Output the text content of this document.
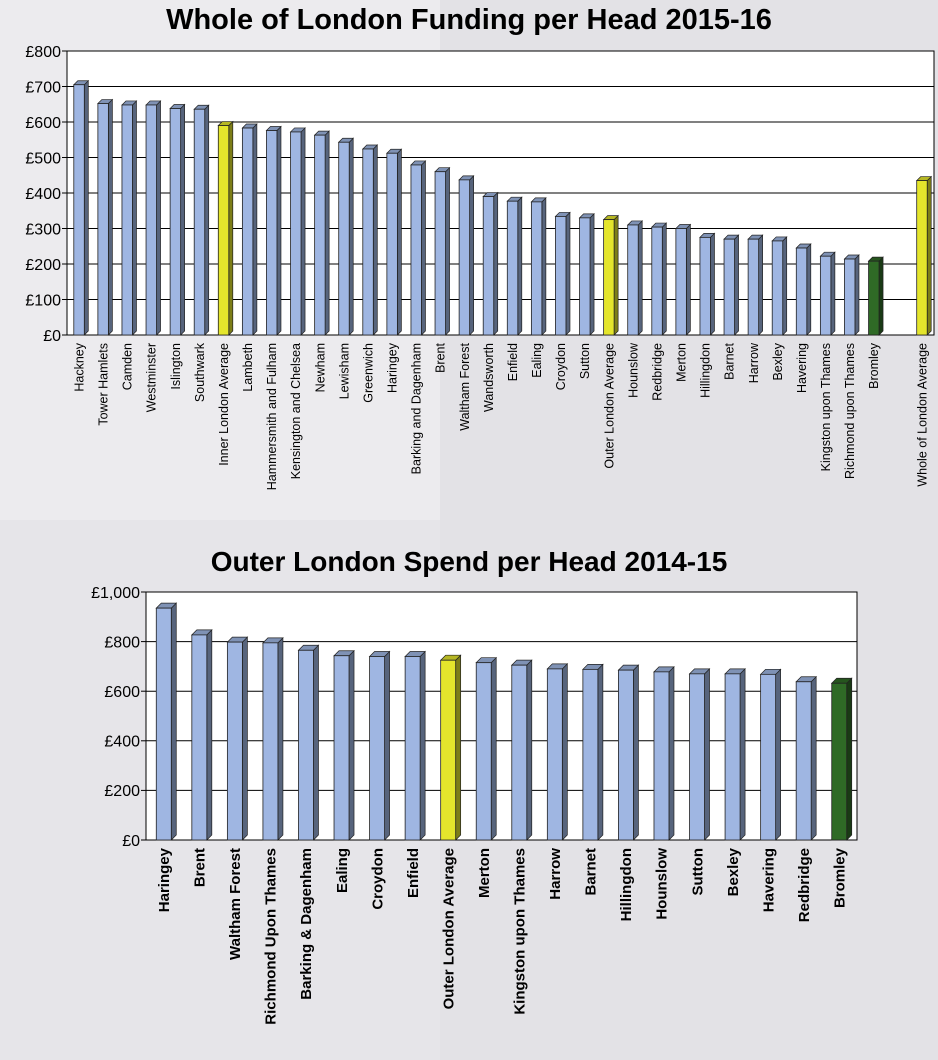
Whole of London Funding per Head 2015-16
£0
£100
£200
£300
£400
£500
£600
£700
£800
Hackney Tower Hamlets Camden Westminster Islington Southwark Inner London Average Lambeth Hammersmith and Fulham Kensington and Chelsea Newham Lewisham Greenwich Haringey Barking and Dagenham Brent Waltham Forest Wandsworth Enfield Ealing Croydon Sutton Outer London Average Hounslow Redbridge Merton Hillingdon Barnet Harrow Bexley Havering Kingston upon Thames Richmond upon Thames Bromley	Whole of London Average
Outer London Spend per Head 2014-15
£0
£200
£400
£600
£800
£1,000
Haringey Brent Waltham Forest Richmond Upon Thames Barking & Dagenham Ealing Croydon Enfield Outer London Average Merton Kingston upon Thames Harrow Barnet Hillingdon Hounslow Sutton Bexley Havering Redbridge Bromley
